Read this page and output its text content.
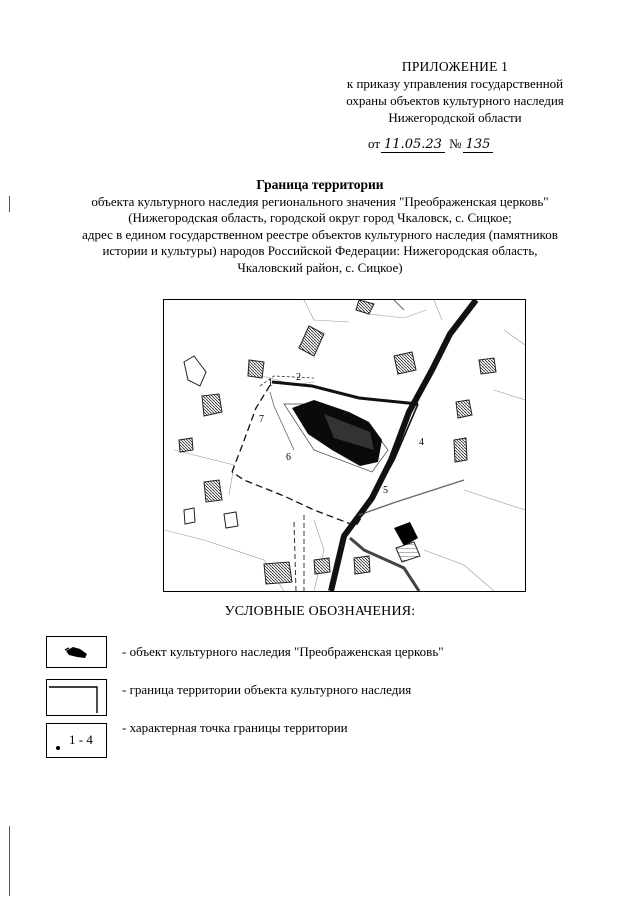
ПРИЛОЖЕНИЕ 1
к приказу управления государственной
охраны объектов культурного наследия
Нижегородской области
от 11.05.23 № 135
Граница территории
объекта культурного наследия регионального значения "Преображенская церковь"
(Нижегородская область, городской округ город Чкаловск, с. Сицкое;
адрес в едином государственном реестре объектов культурного наследия (памятников
истории и культуры) народов Российской Федерации: Нижегородская область,
Чкаловский район, с. Сицкое)
1
2
3
4
5
6
7
УСЛОВНЫЕ ОБОЗНАЧЕНИЯ:
- объект культурного наследия "Преображенская церковь"
- граница территории объекта культурного наследия
1 - 4
- характерная точка границы территории
